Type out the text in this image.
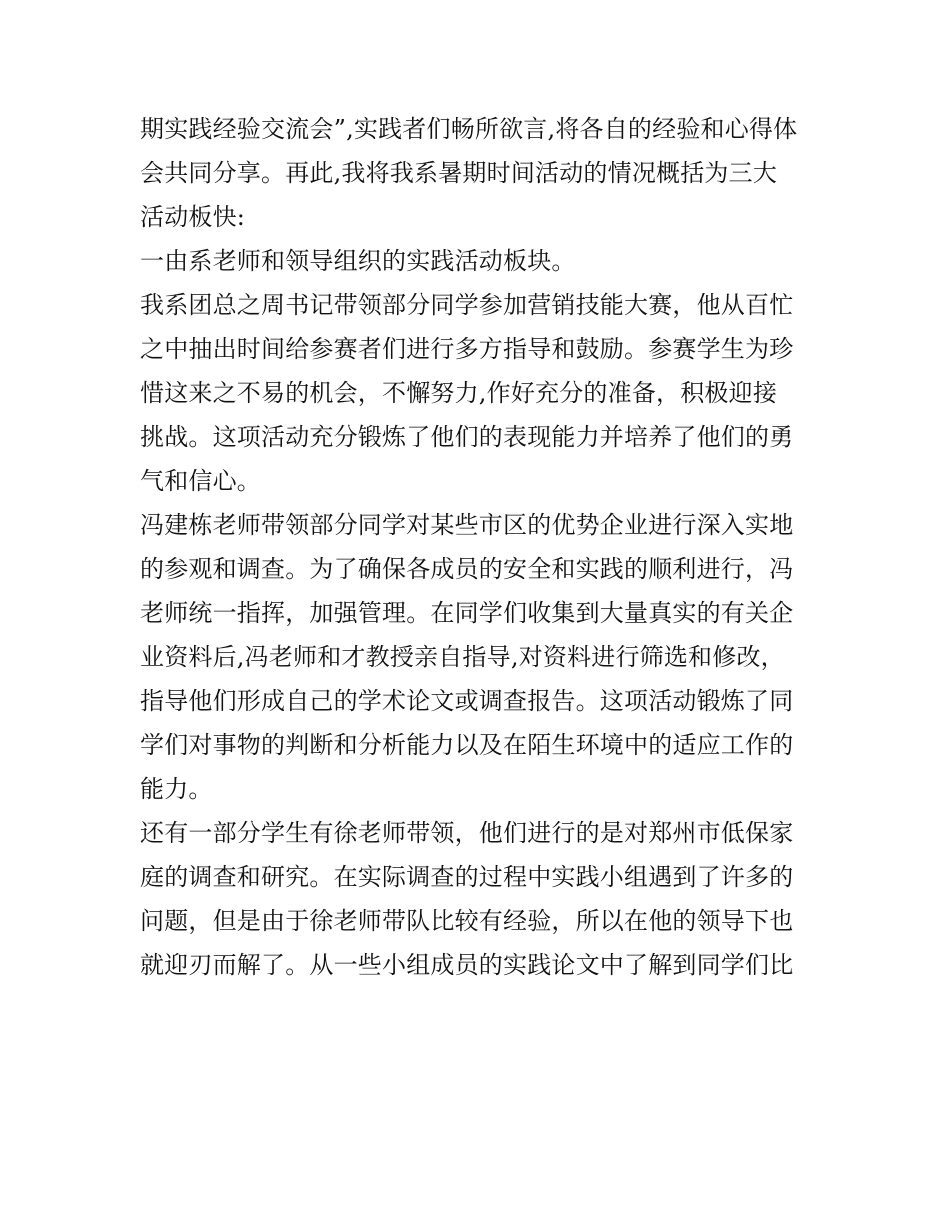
期实践经验交流会”,实践者们畅所欲言,将各自的经验和心得体
会共同分享。再此,我将我系暑期时间活动的情况概括为三大
活动板快:
一由系老师和领导组织的实践活动板块。
我系团总之周书记带领部分同学参加营销技能大赛，他从百忙
之中抽出时间给参赛者们进行多方指导和鼓励。参赛学生为珍
惜这来之不易的机会，不懈努力,作好充分的准备，积极迎接
挑战。这项活动充分锻炼了他们的表现能力并培养了他们的勇
气和信心。
冯建栋老师带领部分同学对某些市区的优势企业进行深入实地
的参观和调查。为了确保各成员的安全和实践的顺利进行，冯
老师统一指挥，加强管理。在同学们收集到大量真实的有关企
业资料后,冯老师和才教授亲自指导,对资料进行筛选和修改，
指导他们形成自己的学术论文或调查报告。这项活动锻炼了同
学们对事物的判断和分析能力以及在陌生环境中的适应工作的
能力。
还有一部分学生有徐老师带领，他们进行的是对郑州市低保家
庭的调查和研究。在实际调查的过程中实践小组遇到了许多的
问题，但是由于徐老师带队比较有经验，所以在他的领导下也
就迎刃而解了。从一些小组成员的实践论文中了解到同学们比
